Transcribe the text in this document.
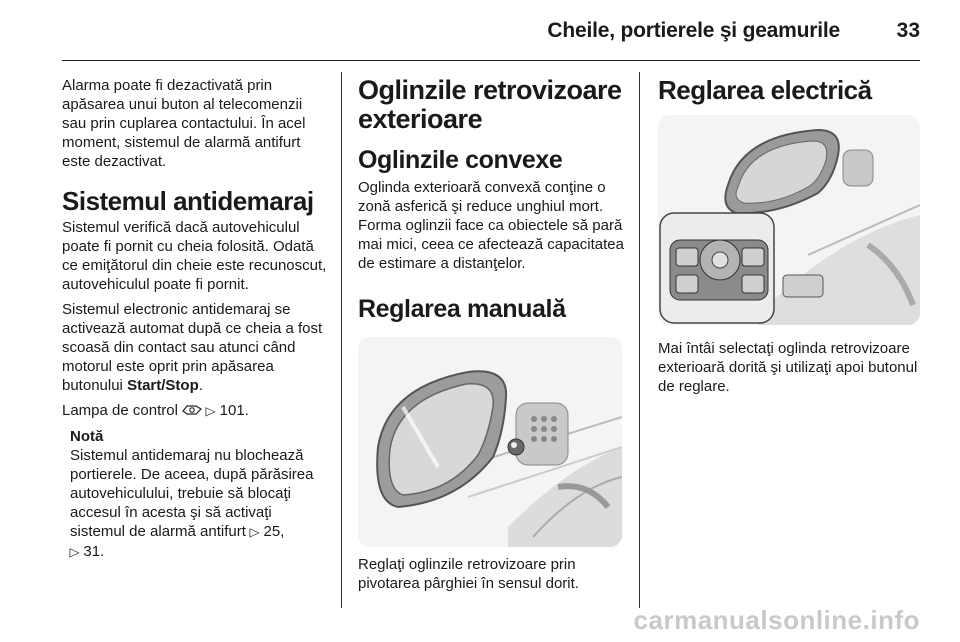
Cheile, portierele şi geamurile	33

Alarma poate fi dezactivată prin apăsarea unui buton al telecomenzii sau prin cuplarea contactului. În acel moment, sistemul de alarmă antifurt este dezactivat.

Sistemul antidemaraj

Sistemul verifică dacă autovehiculul poate fi pornit cu cheia folosită. Odată ce emiţătorul din cheie este recunoscut, autovehiculul poate fi pornit.

Sistemul electronic antidemaraj se activează automat după ce cheia a fost scoasă din contact sau atunci când motorul este oprit prin apăsarea butonului Start/Stop.

Lampa de control  ▷ 101.

Notă

Sistemul antidemaraj nu blochează portierele. De aceea, după părăsirea autovehiculului, trebuie să blocaţi accesul în acesta şi să activaţi sistemul de alarmă antifurt ▷ 25,
▷ 31.

Oglinzile retrovizoare exterioare
Oglinzile convexe

Oglinda exterioară convexă conţine o zonă asferică şi reduce unghiul mort. Forma oglinzii face ca obiectele să pară mai mici, ceea ce afectează capacitatea de estimare a distanţelor.

Reglarea manuală

Reglaţi oglinzile retrovizoare prin pivotarea pârghiei în sensul dorit.

Reglarea electrică

Mai întâi selectaţi oglinda retrovizoare exterioară dorită şi utilizaţi apoi butonul de reglare.

carmanualsonline.info
